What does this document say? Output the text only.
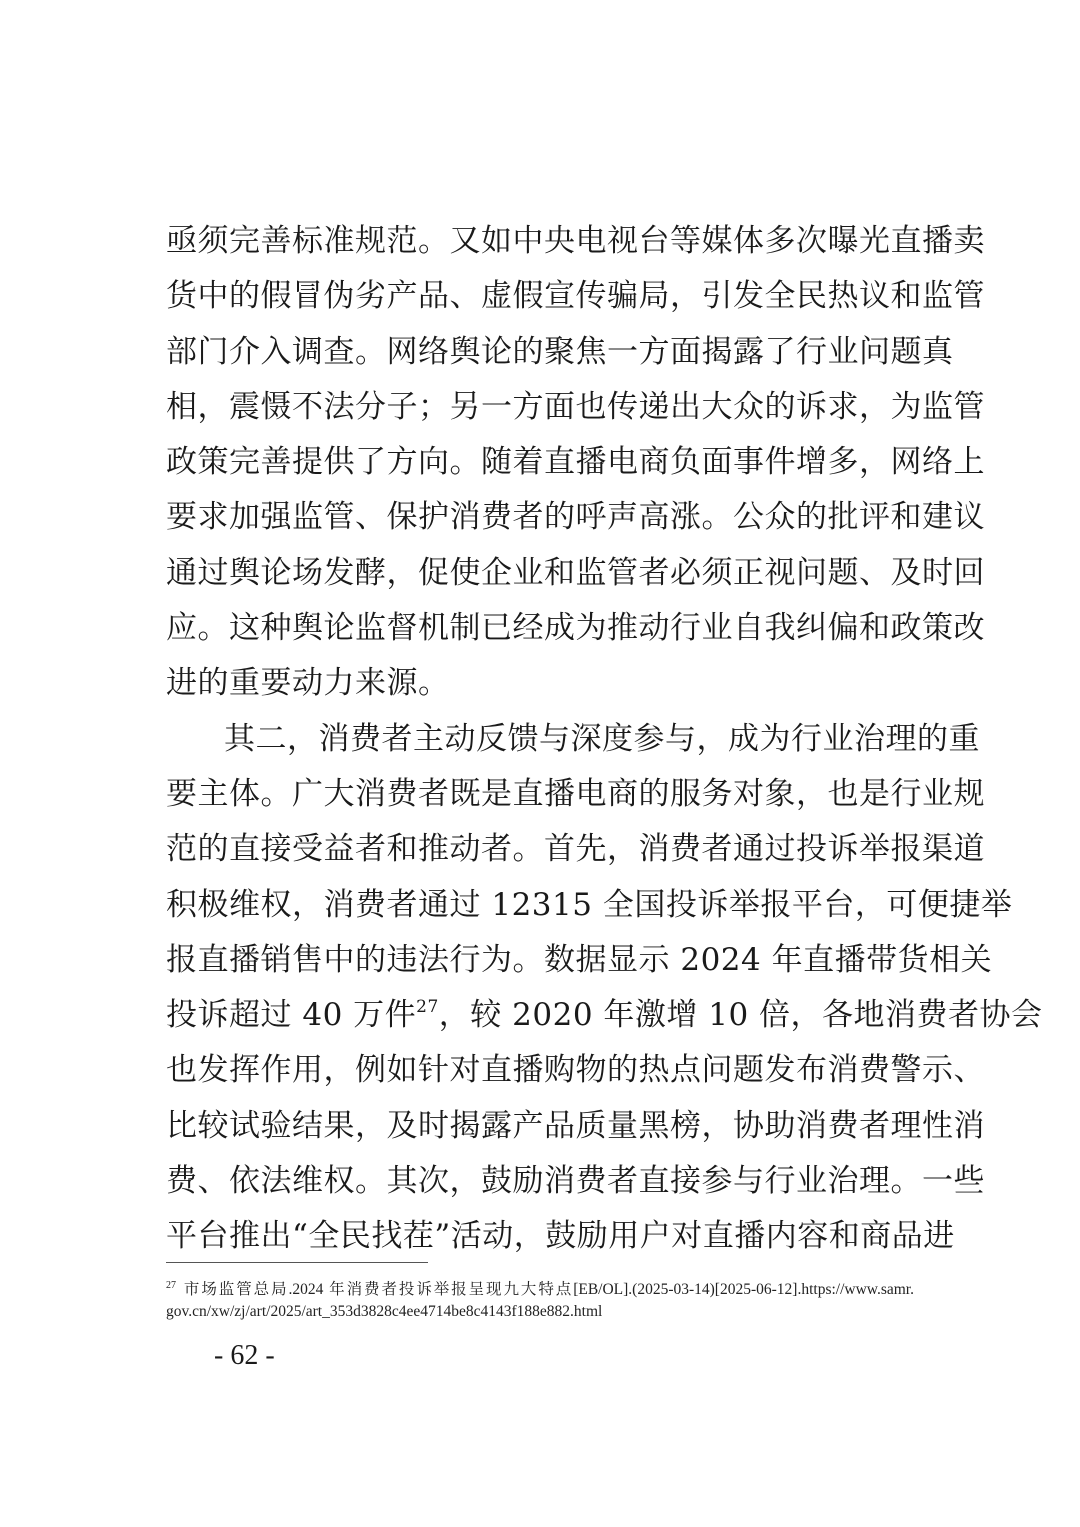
亟须完善标准规范。又如中央电视台等媒体多次曝光直播卖
货中的假冒伪劣产品、虚假宣传骗局，引发全民热议和监管
部门介入调查。网络舆论的聚焦一方面揭露了行业问题真
相，震慑不法分子；另一方面也传递出大众的诉求，为监管
政策完善提供了方向。随着直播电商负面事件增多，网络上
要求加强监管、保护消费者的呼声高涨。公众的批评和建议
通过舆论场发酵，促使企业和监管者必须正视问题、及时回
应。这种舆论监督机制已经成为推动行业自我纠偏和政策改
进的重要动力来源。
其二，消费者主动反馈与深度参与，成为行业治理的重
要主体。广大消费者既是直播电商的服务对象，也是行业规
范的直接受益者和推动者。首先，消费者通过投诉举报渠道
积极维权，消费者通过 12315 全国投诉举报平台，可便捷举
报直播销售中的违法行为。数据显示 2024 年直播带货相关
投诉超过 40 万件$^{27}$，较 2020 年激增 10 倍，各地消费者协会
也发挥作用，例如针对直播购物的热点问题发布消费警示、
比较试验结果，及时揭露产品质量黑榜，协助消费者理性消
费、依法维权。其次，鼓励消费者直接参与行业治理。一些
平台推出“全民找茬”活动，鼓励用户对直播内容和商品进
$^{27}$ 市场监管总局.2024 年消费者投诉举报呈现九大特点[EB/OL].(2025-03-14)[2025-06-12].https://www.samr.
gov.cn/xw/zj/art/2025/art_353d3828c4ee4714be8c4143f188e882.html
- 62 -
